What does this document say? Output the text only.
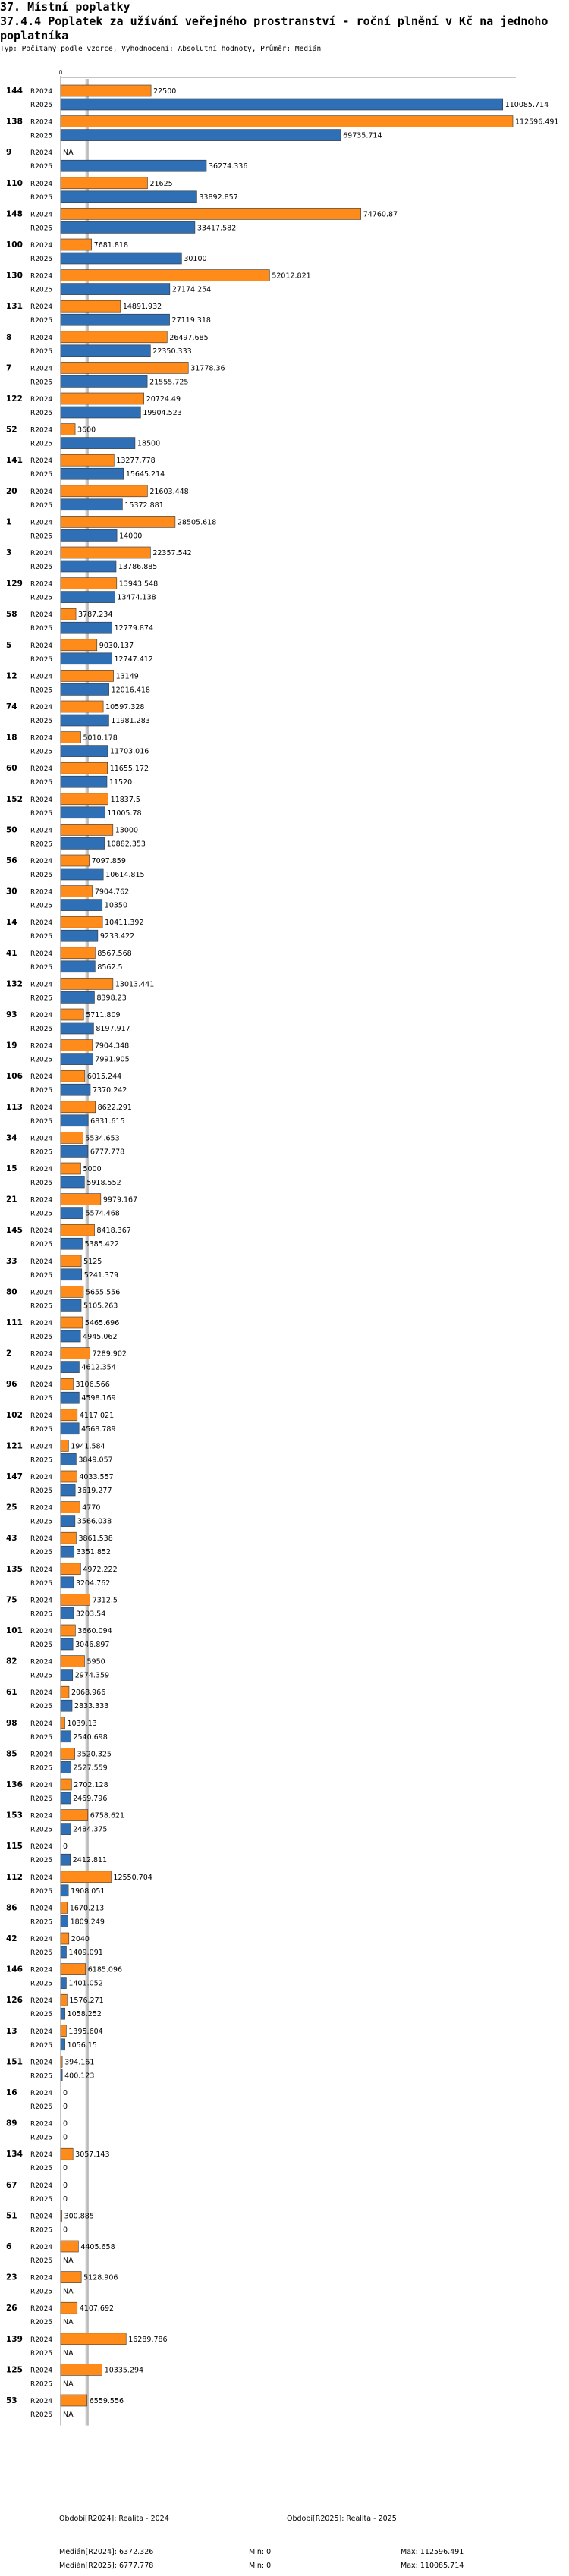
37. Místní poplatky
37.4.4 Poplatek za užívání veřejného prostranství - roční plnění v Kč na jednoho poplatníka
Typ: Počitaný podle vzorce, Vyhodnocení: Absolutní hodnoty, Průměr: Medián
0
144 R2024	22500
R2025	110085.714
138 R2024	112596.491
R2025	69735.714
9	R2024 NA
R2025	36274.336
110 R2024	21625
R2025	33892.857
148 R2024	74760.87
R2025	33417.582
100 R2024	7681.818
R2025	30100
130 R2024	52012.821
R2025	27174.254
131 R2024	14891.932
R2025	27119.318
8	R2024	26497.685
R2025	22350.333
7	R2024	31778.36
R2025	21555.725
122 R2024	20724.49
R2025	19904.523
52 R2024	3600
R2025	18500
141 R2024	13277.778
R2025	15645.214
20 R2024	21603.448
R2025	15372.881
1	R2024	28505.618
R2025	14000
3	R2024	22357.542
R2025	13786.885
129 R2024	13943.548
R2025	13474.138
58 R2024	3787.234
R2025	12779.874
5	R2024	9030.137
R2025	12747.412
12 R2024	13149
R2025	12016.418
74 R2024	10597.328
R2025	11981.283
18 R2024	5010.178
R2025	11703.016
60 R2024	11655.172
R2025	11520
152 R2024	11837.5
R2025	11005.78
50 R2024	13000
R2025	10882.353
56 R2024	7097.859
R2025	10614.815
30 R2024	7904.762
R2025	10350
14 R2024	10411.392
R2025	9233.422
41 R2024	8567.568
R2025	8562.5
132 R2024	13013.441
R2025	8398.23
93 R2024	5711.809
R2025	8197.917
19 R2024	7904.348
R2025	7991.905
106 R2024	6015.244
R2025	7370.242
113 R2024	8622.291
R2025	6831.615
34 R2024	5534.653
R2025	6777.778
15 R2024	5000
R2025	5918.552
21 R2024	9979.167
R2025	5574.468
145 R2024	8418.367
R2025	5385.422
33 R2024	5125
R2025	5241.379
80 R2024	5655.556
R2025	5105.263
111 R2024	5465.696
R2025	4945.062
2	R2024	7289.902
R2025	4612.354
96 R2024	3106.566
R2025	4598.169
102 R2024	4117.021
R2025	4568.789
121 R2024	1941.584
R2025	3849.057
147 R2024	4033.557
R2025	3619.277
25 R2024	4770
R2025	3566.038
43 R2024	3861.538
R2025	3351.852
135 R2024	4972.222
R2025	3204.762
75 R2024	7312.5
R2025	3203.54
101 R2024	3660.094
R2025	3046.897
82 R2024	5950
R2025	2974.359
61 R2024	2068.966
R2025	2833.333
98 R2024 1039.13
R2025	2540.698
85 R2024	3520.325
R2025	2527.559
136 R2024	2702.128
R2025	2469.796
153 R2024	6758.621
R2025	2484.375
115 R2024 0
R2025	2412.811
112 R2024	12550.704
R2025	1908.051
86 R2024 1670.213
R2025 1809.249
42 R2024	2040
R2025 1409.091
146 R2024	6185.096
R2025 1401.052
126 R2024 1576.271
R2025 1058.252
13 R2024 1395.604
R2025 1056.15
151 R2024 394.161
R2025 400.123
16 R2024 0
R2025 0
89 R2024 0
R2025 0
134 R2024	3057.143
R2025 0
67 R2024 0
R2025 0
51 R2024 300.885
R2025 0
6	R2024	4405.658
R2025 NA
23 R2024	5128.906
R2025 NA
26 R2024	4107.692
R2025 NA
139 R2024	16289.786
R2025 NA
125 R2024	10335.294
R2025 NA
53 R2024	6559.556
R2025 NA
Období[R2024]: Realita - 2024	Období[R2025]: Realita - 2025
Medián[R2024]: 6372.326	Min: 0	Max: 112596.491
Medián[R2025]: 6777.778	Min: 0	Max: 110085.714
